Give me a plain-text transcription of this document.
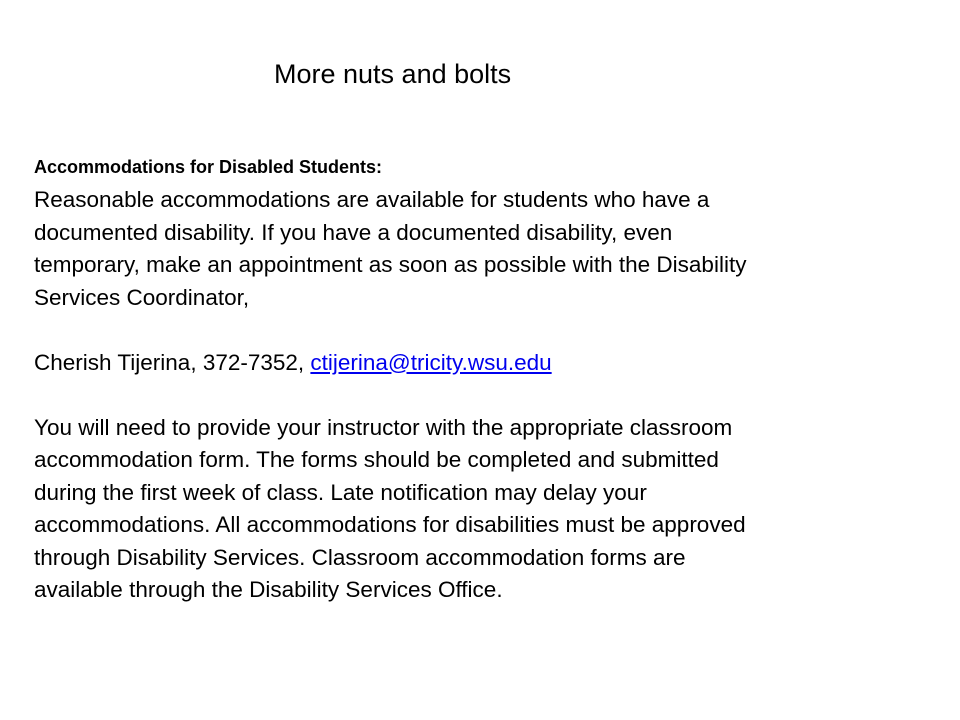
More nuts and bolts
Accommodations for Disabled Students:

Reasonable accommodations are available for students who have a
documented disability. If you have a documented disability, even
temporary, make an appointment as soon as possible with the Disability
Services Coordinator,

Cherish Tijerina, 372-7352, ctijerina@tricity.wsu.edu

You will need to provide your instructor with the appropriate classroom
accommodation form. The forms should be completed and submitted
during the first week of class. Late notification may delay your
accommodations. All accommodations for disabilities must be approved
through Disability Services. Classroom accommodation forms are
available through the Disability Services Office.
